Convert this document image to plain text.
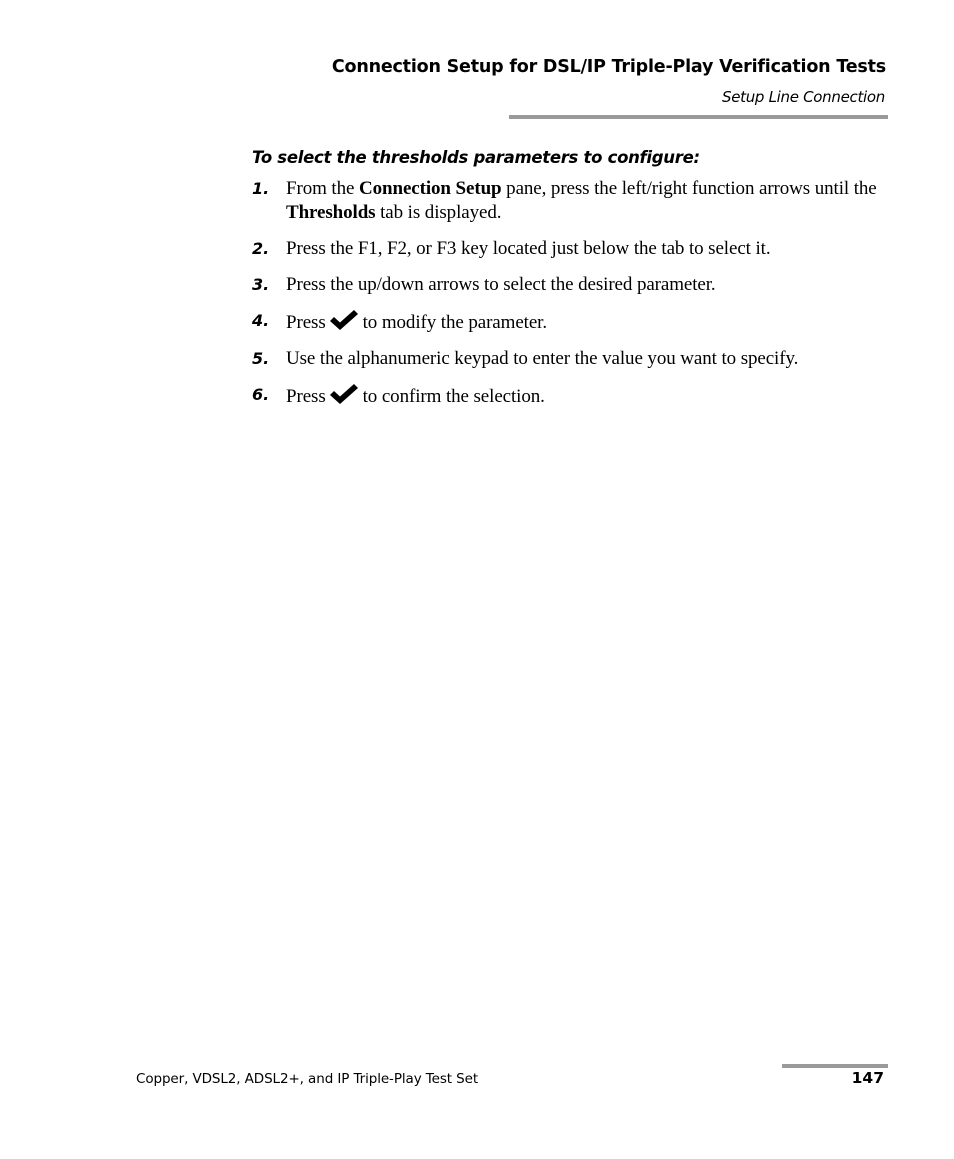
Connection Setup for DSL/IP Triple-Play Verification Tests
Setup Line Connection
To select the thresholds parameters to configure:
1. From the Connection Setup pane, press the left/right function arrows until the Thresholds tab is displayed.
2. Press the F1, F2, or F3 key located just below the tab to select it.
3. Press the up/down arrows to select the desired parameter.
4. Press to modify the parameter.
5. Use the alphanumeric keypad to enter the value you want to specify.
6. Press to confirm the selection.
Copper, VDSL2, ADSL2+, and IP Triple-Play Test Set	147
